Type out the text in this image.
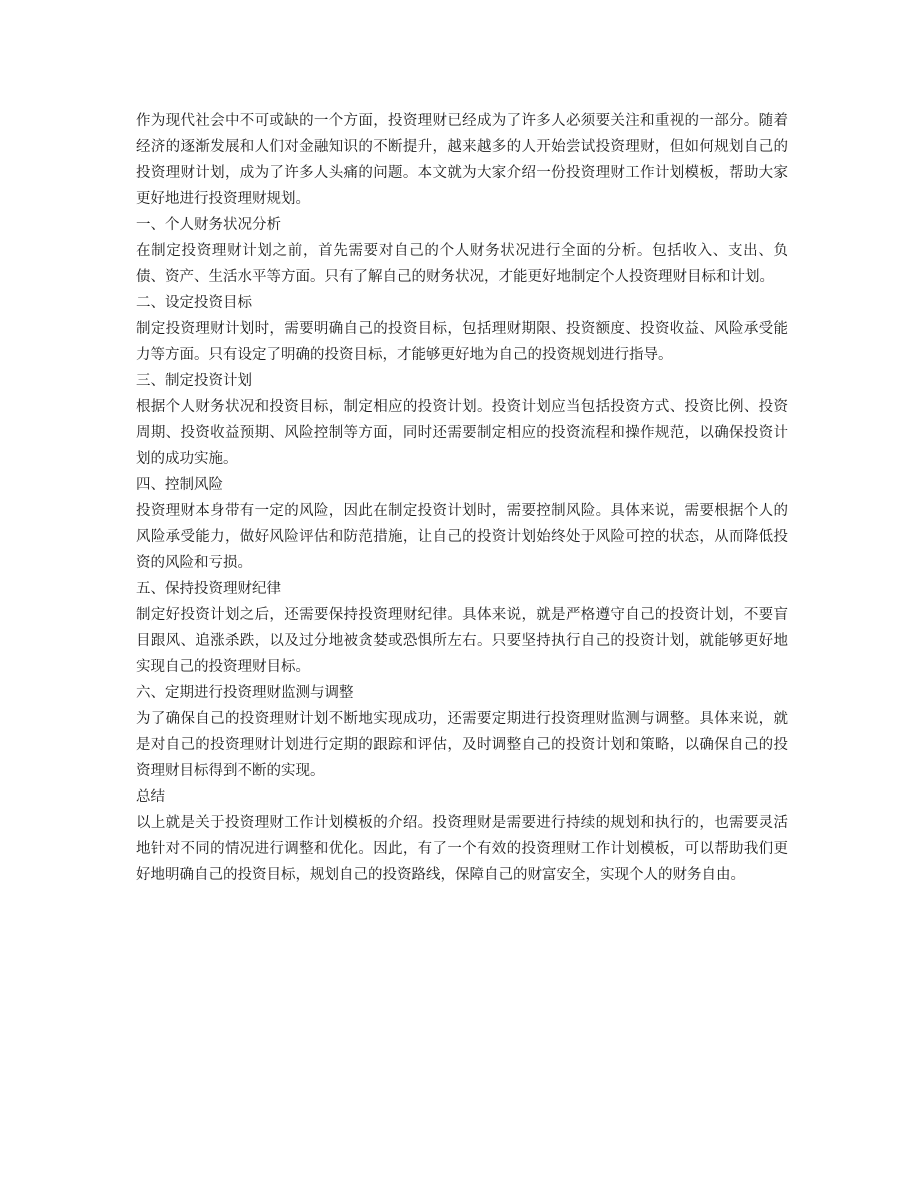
作为现代社会中不可或缺的一个方面，投资理财已经成为了许多人必须要关注和重视的一部分。随着经济的逐渐发展和人们对金融知识的不断提升，越来越多的人开始尝试投资理财，但如何规划自己的投资理财计划，成为了许多人头痛的问题。本文就为大家介绍一份投资理财工作计划模板，帮助大家更好地进行投资理财规划。

一、个人财务状况分析

在制定投资理财计划之前，首先需要对自己的个人财务状况进行全面的分析。包括收入、支出、负债、资产、生活水平等方面。只有了解自己的财务状况，才能更好地制定个人投资理财目标和计划。

二、设定投资目标

制定投资理财计划时，需要明确自己的投资目标，包括理财期限、投资额度、投资收益、风险承受能力等方面。只有设定了明确的投资目标，才能够更好地为自己的投资规划进行指导。

三、制定投资计划

根据个人财务状况和投资目标，制定相应的投资计划。投资计划应当包括投资方式、投资比例、投资周期、投资收益预期、风险控制等方面，同时还需要制定相应的投资流程和操作规范，以确保投资计划的成功实施。

四、控制风险

投资理财本身带有一定的风险，因此在制定投资计划时，需要控制风险。具体来说，需要根据个人的风险承受能力，做好风险评估和防范措施，让自己的投资计划始终处于风险可控的状态，从而降低投资的风险和亏损。

五、保持投资理财纪律

制定好投资计划之后，还需要保持投资理财纪律。具体来说，就是严格遵守自己的投资计划，不要盲目跟风、追涨杀跌，以及过分地被贪婪或恐惧所左右。只要坚持执行自己的投资计划，就能够更好地实现自己的投资理财目标。

六、定期进行投资理财监测与调整

为了确保自己的投资理财计划不断地实现成功，还需要定期进行投资理财监测与调整。具体来说，就是对自己的投资理财计划进行定期的跟踪和评估，及时调整自己的投资计划和策略，以确保自己的投资理财目标得到不断的实现。

总结

以上就是关于投资理财工作计划模板的介绍。投资理财是需要进行持续的规划和执行的，也需要灵活地针对不同的情况进行调整和优化。因此，有了一个有效的投资理财工作计划模板，可以帮助我们更好地明确自己的投资目标，规划自己的投资路线，保障自己的财富安全，实现个人的财务自由。
